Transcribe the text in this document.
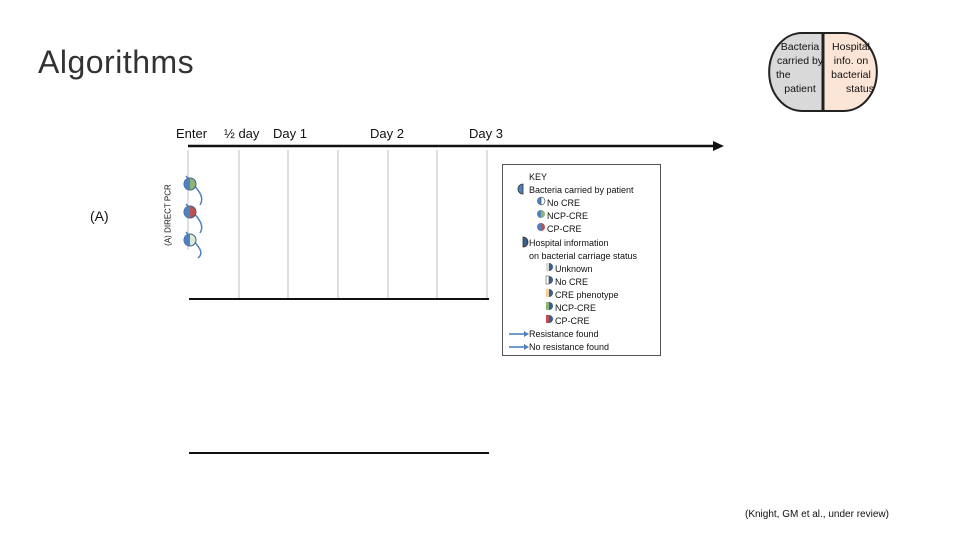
Algorithms	Bacteria
carried by
the
patient
Hospital
info. on
bacterial
status
Enter ½ day Day 1	Day 2	Day 3
(A)	(A) DIRECT PCR
KEY
Bacteria carried by patient
No CRE
NCP-CRE
CP-CRE
Hospital information
on bacterial carriage status
Unknown
No CRE
CRE phenotype
NCP-CRE
CP-CRE
Resistance found
No resistance found
(Knight, GM et al., under review)
